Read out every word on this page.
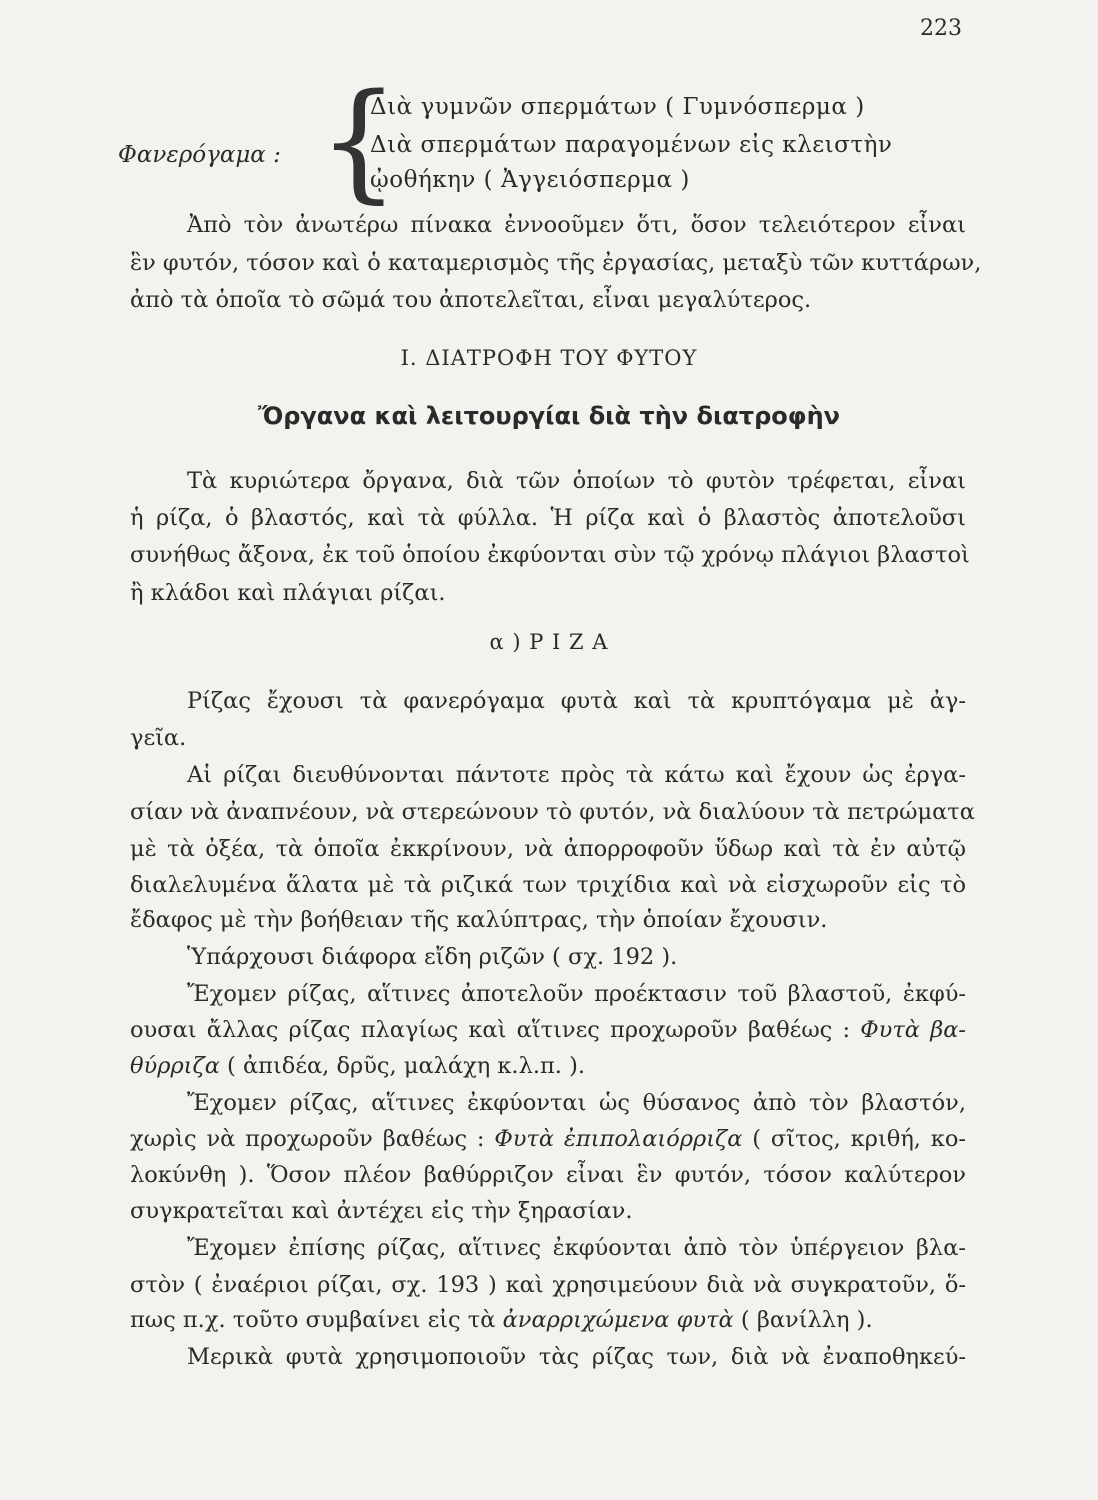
223
Φανερόγαμα : {
Διὰ γυμνῶν σπερμάτων ( Γυμνόσπερμα )
Διὰ σπερμάτων παραγομένων εἰς κλειστὴν
ᾠοθήκην ( Ἀγγειόσπερμα )
Ἀπὸ τὸν ἀνωτέρω πίνακα ἐννοοῦμεν ὅτι, ὅσον τελειότερον εἶναι
ἓν φυτόν, τόσον καὶ ὁ καταμερισμὸς τῆς ἐργασίας, μεταξὺ τῶν κυττάρων,
ἀπὸ τὰ ὁποῖα τὸ σῶμά του ἀποτελεῖται, εἶναι μεγαλύτερος.
Ι. ΔΙΑΤΡΟΦΗ ΤΟΥ ΦΥΤΟΥ
Ὄργανα καὶ λειτουργίαι διὰ τὴν διατροφὴν
Τὰ κυριώτερα ὄργανα, διὰ τῶν ὁποίων τὸ φυτὸν τρέφεται, εἶναι
ἡ ρίζα, ὁ βλαστός, καὶ τὰ φύλλα. Ἡ ρίζα καὶ ὁ βλαστὸς ἀποτελοῦσι
συνήθως ἄξονα, ἐκ τοῦ ὁποίου ἐκφύονται σὺν τῷ χρόνῳ πλάγιοι βλαστοὶ
ἢ κλάδοι καὶ πλάγιαι ρίζαι.
α ) Ρ Ι Ζ Α
Ρίζας ἔχουσι τὰ φανερόγαμα φυτὰ καὶ τὰ κρυπτόγαμα μὲ ἀγ-
γεῖα.
Αἱ ρίζαι διευθύνονται πάντοτε πρὸς τὰ κάτω καὶ ἔχουν ὡς ἐργα-
σίαν νὰ ἀναπνέουν, νὰ στερεώνουν τὸ φυτόν, νὰ διαλύουν τὰ πετρώματα
μὲ τὰ ὀξέα, τὰ ὁποῖα ἐκκρίνουν, νὰ ἀπορροφοῦν ὕδωρ καὶ τὰ ἐν αὐτῷ
διαλελυμένα ἅλατα μὲ τὰ ριζικά των τριχίδια καὶ νὰ εἰσχωροῦν εἰς τὸ
ἔδαφος μὲ τὴν βοήθειαν τῆς καλύπτρας, τὴν ὁποίαν ἔχουσιν.
Ὑπάρχουσι διάφορα εἴδη ριζῶν ( σχ. 192 ).
Ἔχομεν ρίζας, αἵτινες ἀποτελοῦν προέκτασιν τοῦ βλαστοῦ, ἐκφύ-
ουσαι ἄλλας ρίζας πλαγίως καὶ αἵτινες προχωροῦν βαθέως : Φυτὰ βα-
θύρριζα ( ἀπιδέα, δρῦς, μαλάχη κ.λ.π. ).
Ἔχομεν ρίζας, αἵτινες ἐκφύονται ὡς θύσανος ἀπὸ τὸν βλαστόν,
χωρὶς νὰ προχωροῦν βαθέως : Φυτὰ ἐπιπολαιόρριζα ( σῖτος, κριθή, κο-
λοκύνθη ). Ὅσον πλέον βαθύρριζον εἶναι ἓν φυτόν, τόσον καλύτερον
συγκρατεῖται καὶ ἀντέχει εἰς τὴν ξηρασίαν.
Ἔχομεν ἐπίσης ρίζας, αἵτινες ἐκφύονται ἀπὸ τὸν ὑπέργειον βλα-
στὸν ( ἐναέριοι ρίζαι, σχ. 193 ) καὶ χρησιμεύουν διὰ νὰ συγκρατοῦν, ὅ-
πως π.χ. τοῦτο συμβαίνει εἰς τὰ ἀναρριχώμενα φυτὰ ( βανίλλη ).
Μερικὰ φυτὰ χρησιμοποιοῦν τὰς ρίζας των, διὰ νὰ ἐναποθηκεύ-
